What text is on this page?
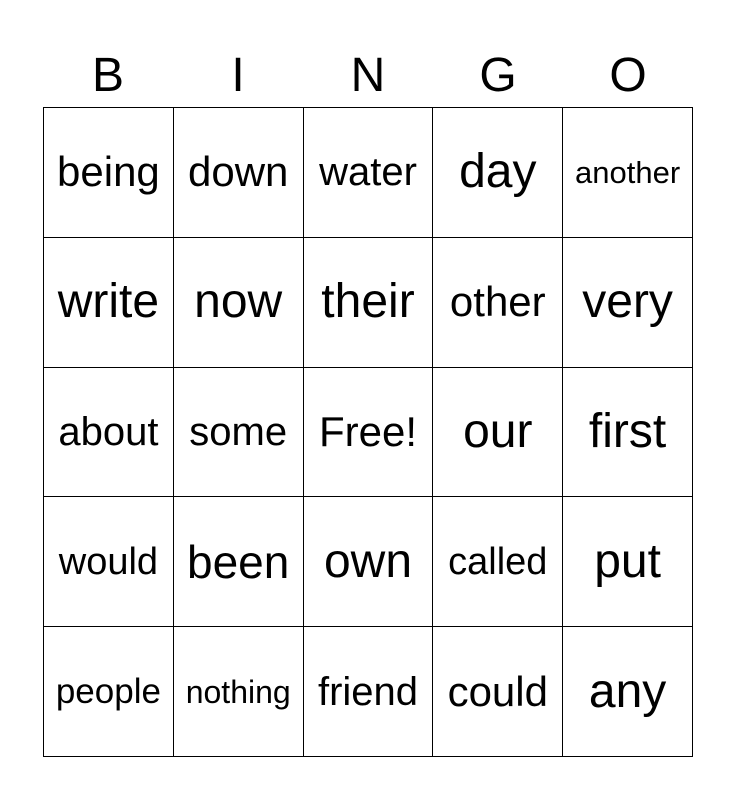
B	I	N	G	O
being down water day	another
write now their other very
about some Free! our	first
would been own called put
people nothing friend could any
